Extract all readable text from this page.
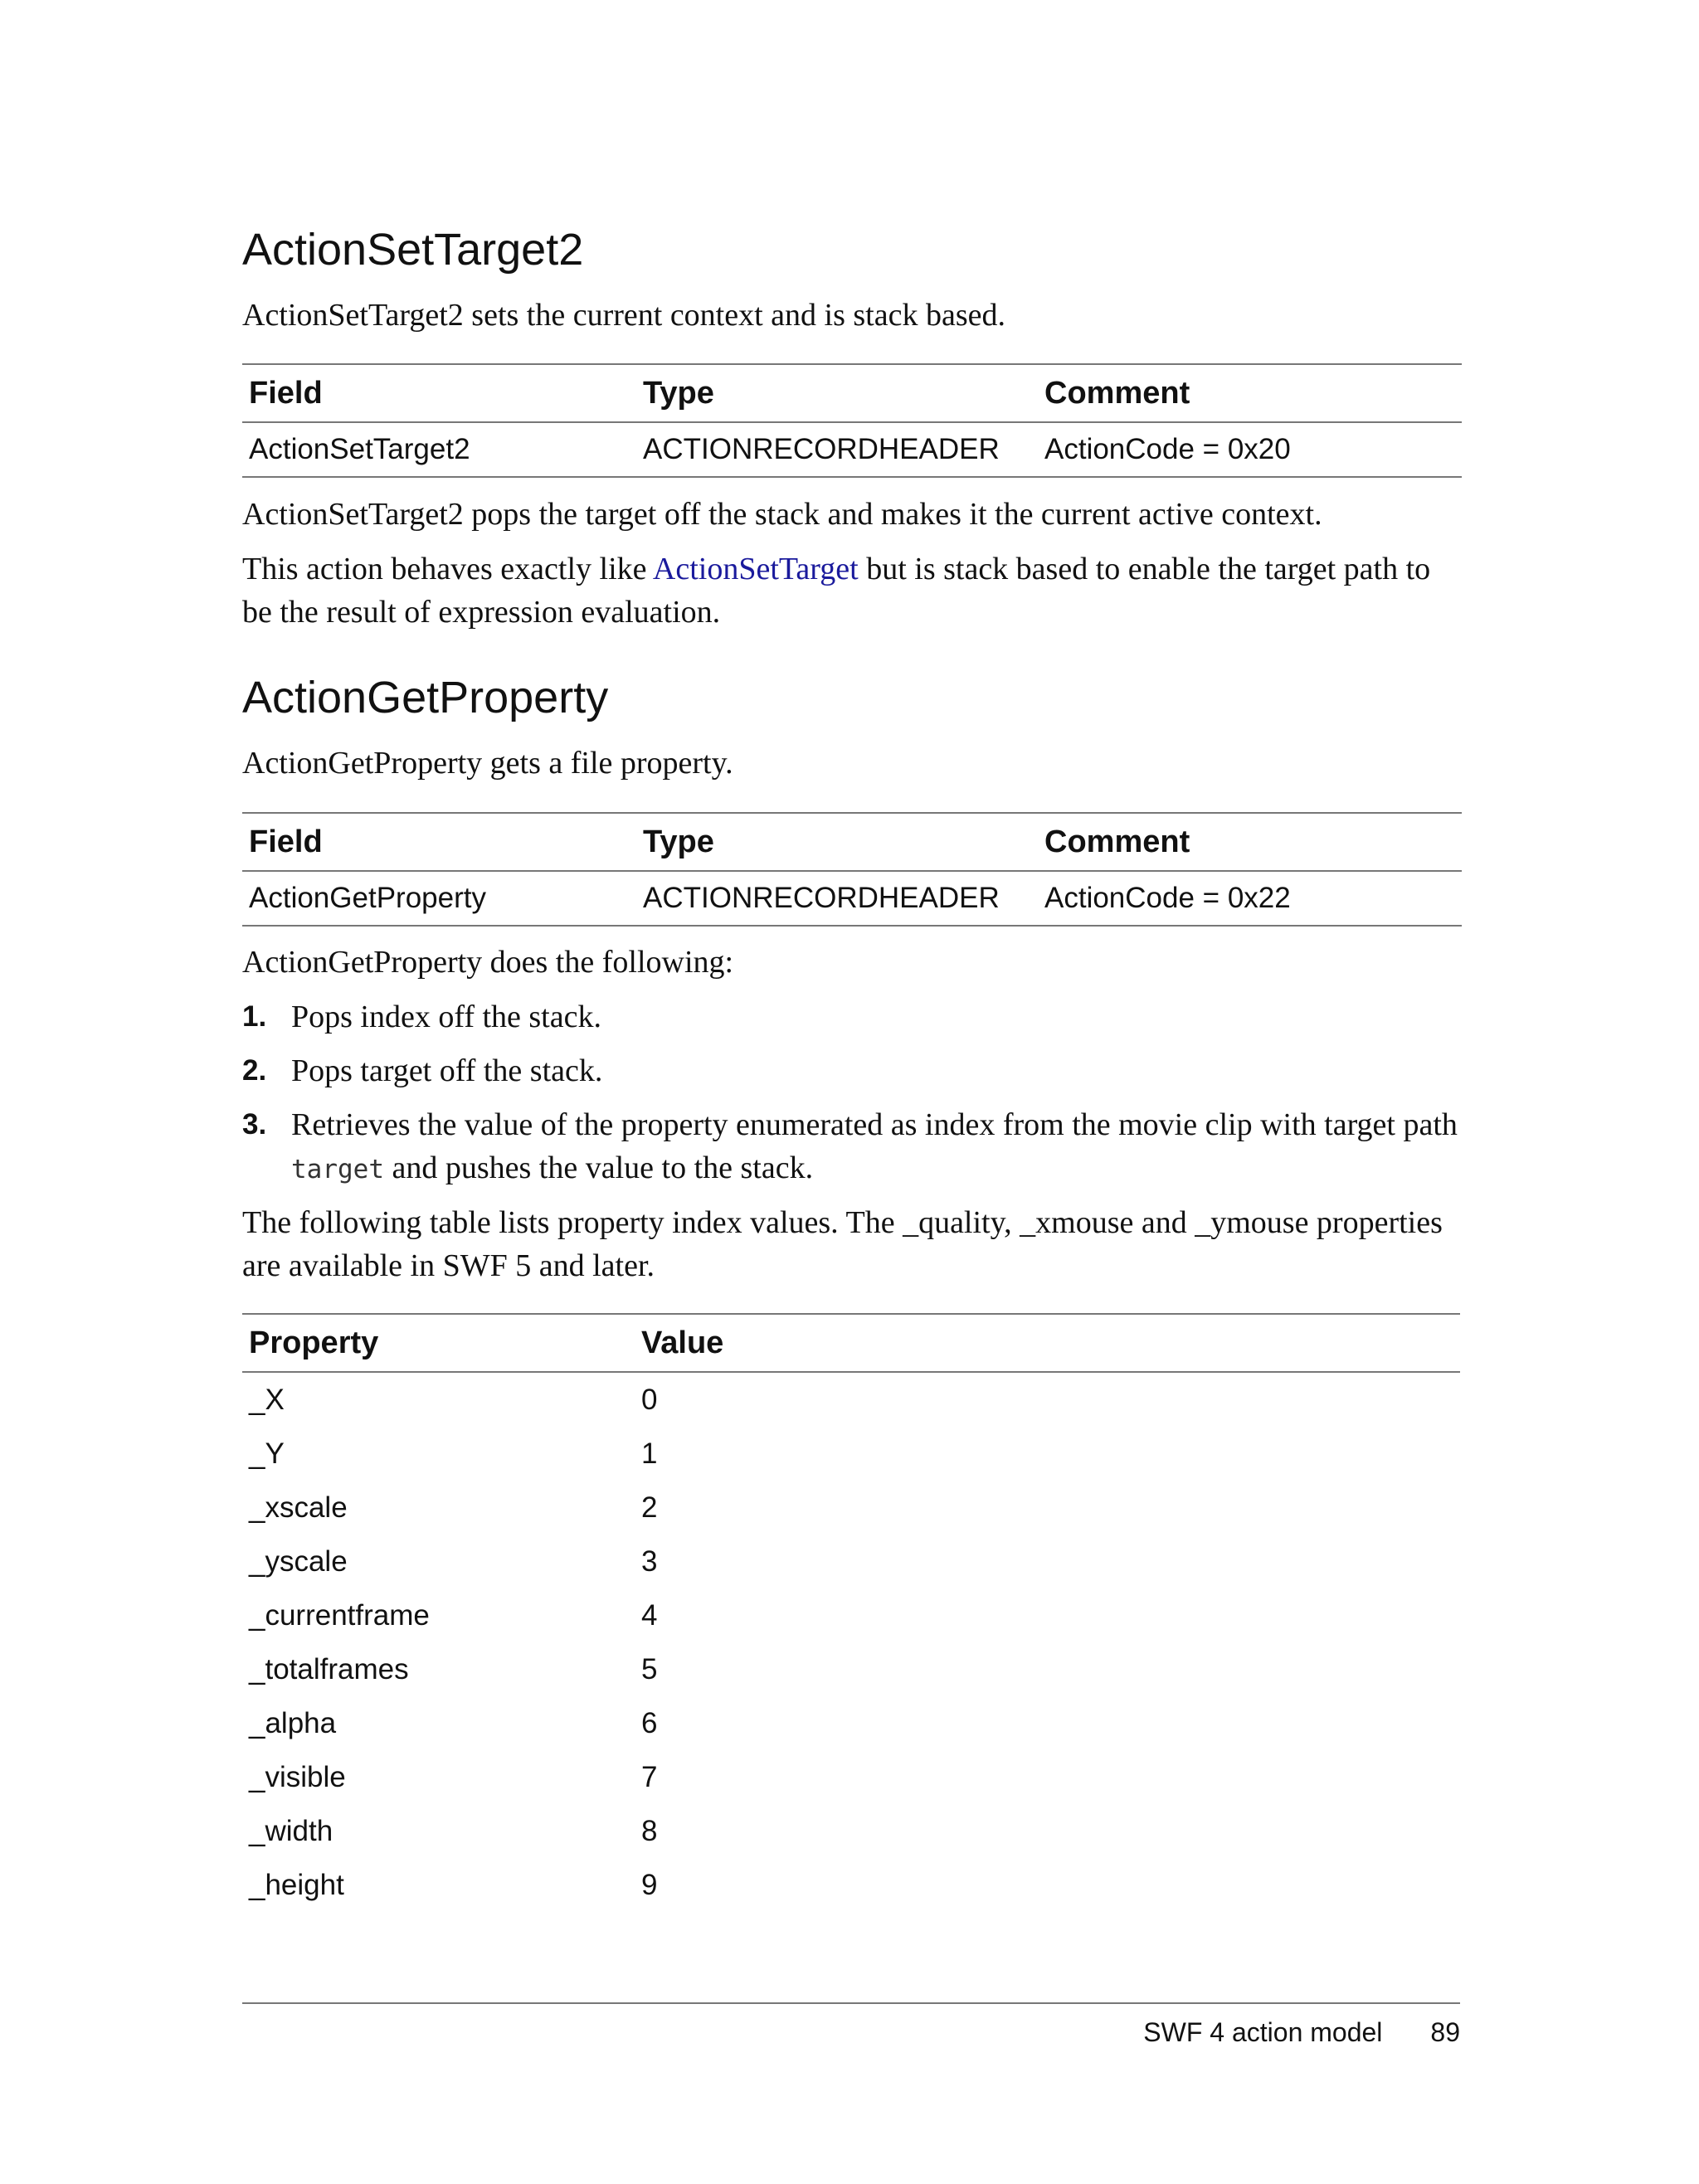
ActionSetTarget2

ActionSetTarget2 sets the current context and is stack based.

Field	Type	Comment
ActionSetTarget2	ACTIONRECORDHEADER	ActionCode = 0x20

ActionSetTarget2 pops the target off the stack and makes it the current active context.

This action behaves exactly like ActionSetTarget but is stack based to enable the target path to be the result of expression evaluation.

ActionGetProperty

ActionGetProperty gets a file property.

Field	Type	Comment
ActionGetProperty	ACTIONRECORDHEADER	ActionCode = 0x22

ActionGetProperty does the following:

1. Pops index off the stack.
2. Pops target off the stack.
3. Retrieves the value of the property enumerated as index from the movie clip with target path target and pushes the value to the stack.

The following table lists property index values. The _quality, _xmouse and _ymouse properties are available in SWF 5 and later.

Property	Value
_X	0
_Y	1
_xscale	2
_yscale	3
_currentframe	4
_totalframes	5
_alpha	6
_visible	7
_width	8
_height	9
SWF 4 action model 89
